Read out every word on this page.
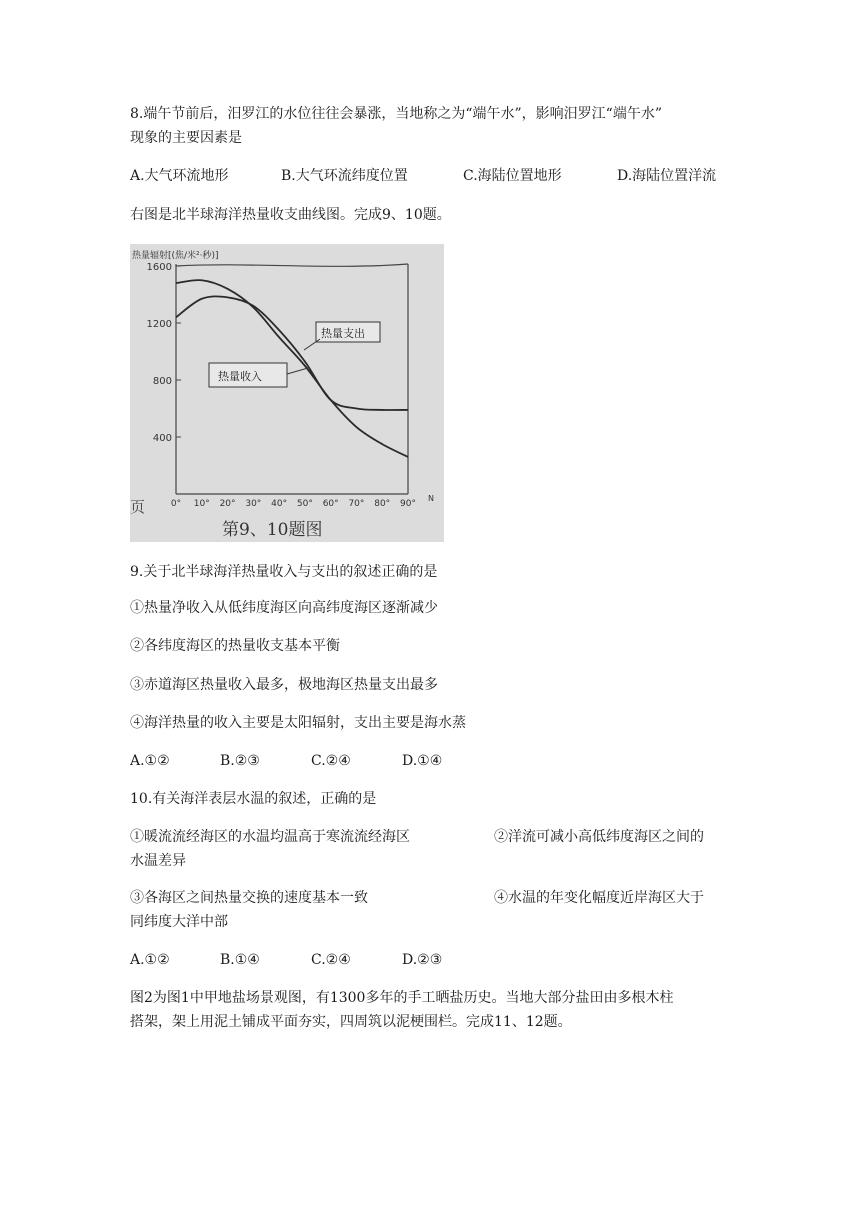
8.端午节前后，汨罗江的水位往往会暴涨，当地称之为“端午水”，影响汨罗江“端午水”
现象的主要因素是
A.大气环流地形	B.大气环流纬度位置	C.海陆位置地形	D.海陆位置洋流
右图是北半球海洋热量收支曲线图。完成9、10题。
热量辐射[(焦/米²·秒)]
1600
1200
800
400
0° 10° 20° 30° 40° 50° 60° 70° 80° 90°
热量支出
热量收入
N
页
第9、10题图
9.关于北半球海洋热量收入与支出的叙述正确的是
①热量净收入从低纬度海区向高纬度海区逐渐减少
②各纬度海区的热量收支基本平衡
③赤道海区热量收入最多，极地海区热量支出最多
④海洋热量的收入主要是太阳辐射，支出主要是海水蒸
A.①②	B.②③	C.②④	D.①④
10.有关海洋表层水温的叙述，正确的是
①暖流流经海区的水温均温高于寒流流经海区	②洋流可减小高低纬度海区之间的
水温差异
③各海区之间热量交换的速度基本一致	④水温的年变化幅度近岸海区大于
同纬度大洋中部
A.①②	B.①④	C.②④	D.②③
图2为图1中甲地盐场景观图，有1300多年的手工晒盐历史。当地大部分盐田由多根木柱
搭架，架上用泥土铺成平面夯实，四周筑以泥梗围栏。完成11、12题。
